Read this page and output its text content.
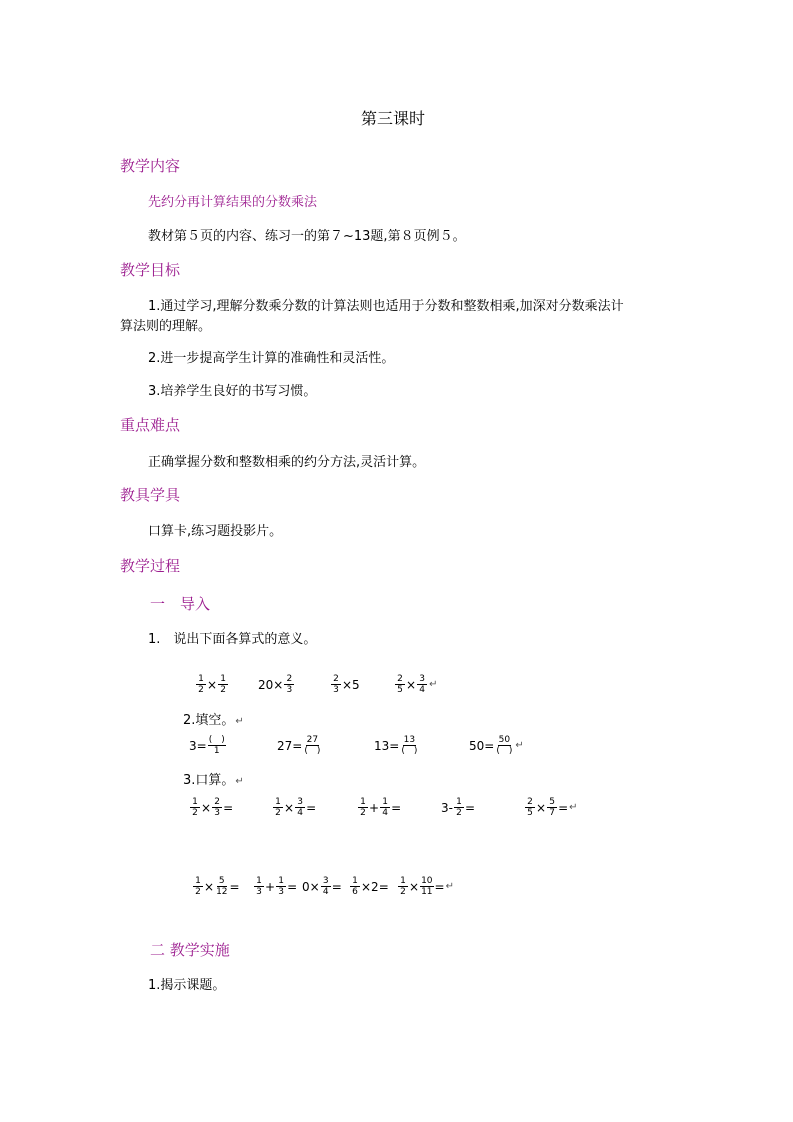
第三课时
教学内容
先约分再计算结果的分数乘法
教材第５页的内容、练习一的第７~13题,第８页例５。
教学目标
1.通过学习,理解分数乘分数的计算法则也适用于分数和整数相乘,加深对分数乘法计
算法则的理解。
2.进一步提高学生计算的准确性和灵活性。
3.培养学生良好的书写习惯。
重点难点
正确掌握分数和整数相乘的约分方法,灵活计算。
教具学具
口算卡,练习题投影片。
教学过程
一　导入
1.　说出下面各算式的意义。
$\frac{1}{2} \times \frac{1}{2} 20\times \frac{2}{3}$	$\frac{2}{3} \times 5$	$\frac{2}{5} \times \frac{3}{4}$ ↵
2.填空。↵
$3= \frac{( )}{1}$	$27= \frac{27}{( )}$	$13= \frac{13}{( )}$	$50= \frac{50}{( )}$ ↵
3.口算。↵
$\frac{1}{2} \times \frac{2}{3}$ =	$\frac{1}{2} \times \frac{3}{4}$ =	$\frac{1}{2} + \frac{1}{4}$ =	$3- \frac{1}{2}$ =	$\frac{2}{5} \times \frac{5}{7}$ = ↵
$\frac{1}{2} \times \frac{5}{12} = \frac{1}{3} + \frac{1}{3} = 0\times \frac{3}{4} = \frac{1}{6} \times 2= \frac{1}{2} \times \frac{10}{11}$ = ↵
二 教学实施
1.揭示课题。
